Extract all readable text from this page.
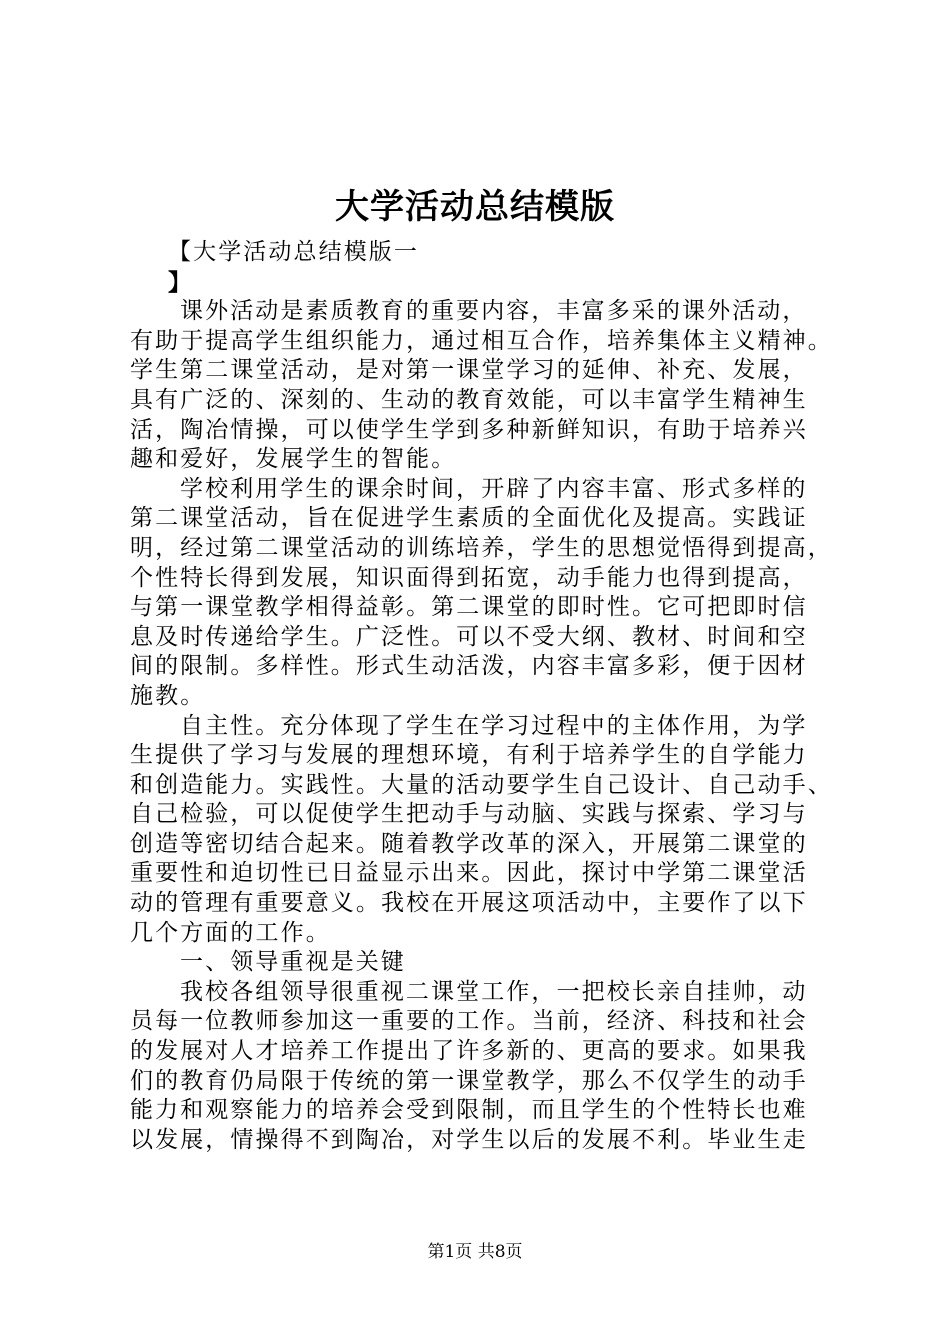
大学活动总结模版
【大学活动总结模版一
】
课外活动是素质教育的重要内容，丰富多采的课外活动，
有助于提高学生组织能力，通过相互合作，培养集体主义精神。
学生第二课堂活动，是对第一课堂学习的延伸、补充、发展，
具有广泛的、深刻的、生动的教育效能，可以丰富学生精神生
活，陶冶情操，可以使学生学到多种新鲜知识，有助于培养兴
趣和爱好，发展学生的智能。
学校利用学生的课余时间，开辟了内容丰富、形式多样的
第二课堂活动，旨在促进学生素质的全面优化及提高。实践证
明，经过第二课堂活动的训练培养，学生的思想觉悟得到提高，
个性特长得到发展，知识面得到拓宽，动手能力也得到提高，
与第一课堂教学相得益彰。第二课堂的即时性。它可把即时信
息及时传递给学生。广泛性。可以不受大纲、教材、时间和空
间的限制。多样性。形式生动活泼，内容丰富多彩，便于因材
施教。
自主性。充分体现了学生在学习过程中的主体作用，为学
生提供了学习与发展的理想环境，有利于培养学生的自学能力
和创造能力。实践性。大量的活动要学生自己设计、自己动手、
自己检验，可以促使学生把动手与动脑、实践与探索、学习与
创造等密切结合起来。随着教学改革的深入，开展第二课堂的
重要性和迫切性已日益显示出来。因此，探讨中学第二课堂活
动的管理有重要意义。我校在开展这项活动中，主要作了以下
几个方面的工作。
一、领导重视是关键
我校各组领导很重视二课堂工作，一把校长亲自挂帅，动
员每一位教师参加这一重要的工作。当前，经济、科技和社会
的发展对人才培养工作提出了许多新的、更高的要求。如果我
们的教育仍局限于传统的第一课堂教学，那么不仅学生的动手
能力和观察能力的培养会受到限制，而且学生的个性特长也难
以发展，情操得不到陶冶，对学生以后的发展不利。毕业生走
第1页 共8页
